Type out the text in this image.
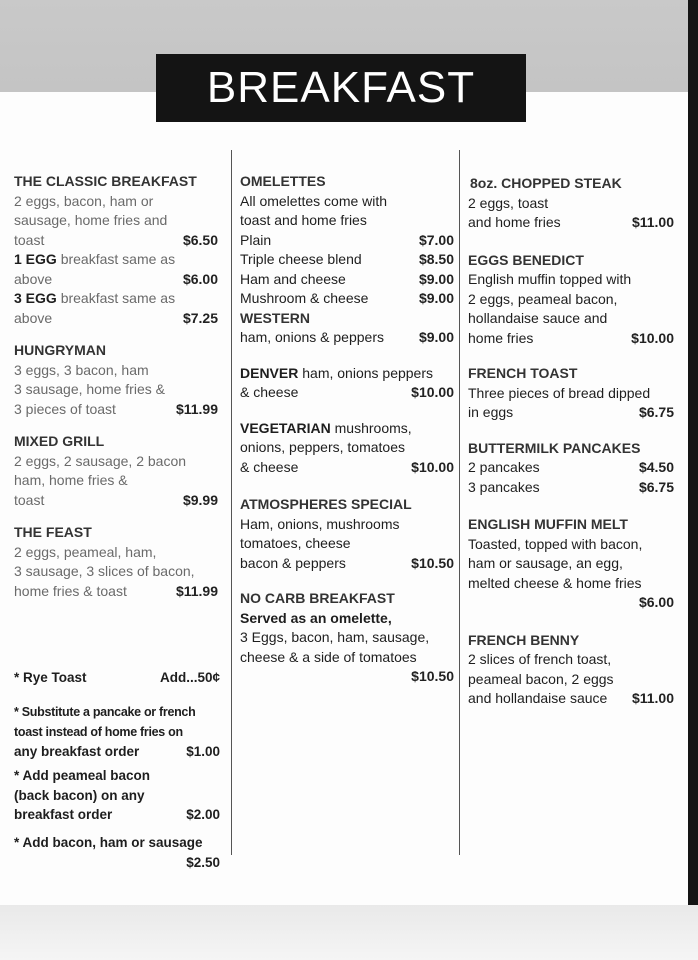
BREAKFAST
THE CLASSIC BREAKFAST
2 eggs, bacon, ham or
sausage, home fries and
toast	$6.50
1 EGG breakfast same as
above	$6.00
3 EGG breakfast same as
above	$7.25
HUNGRYMAN
3 eggs, 3 bacon, ham
3 sausage, home fries &
3 pieces of toast	$11.99
MIXED GRILL
2 eggs, 2 sausage, 2 bacon
ham, home fries &
toast	$9.99
THE FEAST
2 eggs, peameal, ham,
3 sausage, 3 slices of bacon,
home fries & toast	$11.99
* Rye Toast	Add...50¢
* Substitute a pancake or french
toast instead of home fries on
any breakfast order	$1.00
* Add peameal bacon
(back bacon) on any
breakfast order	$2.00
* Add bacon, ham or sausage
$2.50
OMELETTES
All omelettes come with
toast and home fries
Plain	$7.00
Triple cheese blend	$8.50
Ham and cheese	$9.00
Mushroom & cheese	$9.00
WESTERN
ham, onions & peppers	$9.00
DENVER ham, onions peppers
& cheese	$10.00
VEGETARIAN mushrooms,
onions, peppers, tomatoes
& cheese	$10.00
ATMOSPHERES SPECIAL
Ham, onions, mushrooms
tomatoes, cheese
bacon & peppers	$10.50
NO CARB BREAKFAST
Served as an omelette,
3 Eggs, bacon, ham, sausage,
cheese & a side of tomatoes
$10.50
8oz. CHOPPED STEAK
2 eggs, toast
and home fries	$11.00
EGGS BENEDICT
English muffin topped with
2 eggs, peameal bacon,
hollandaise sauce and
home fries	$10.00
FRENCH TOAST
Three pieces of bread dipped
in eggs	$6.75
BUTTERMILK PANCAKES
2 pancakes	$4.50
3 pancakes	$6.75
ENGLISH MUFFIN MELT
Toasted, topped with bacon,
ham or sausage, an egg,
melted cheese & home fries
$6.00
FRENCH BENNY
2 slices of french toast,
peameal bacon, 2 eggs
and hollandaise sauce	$11.00
